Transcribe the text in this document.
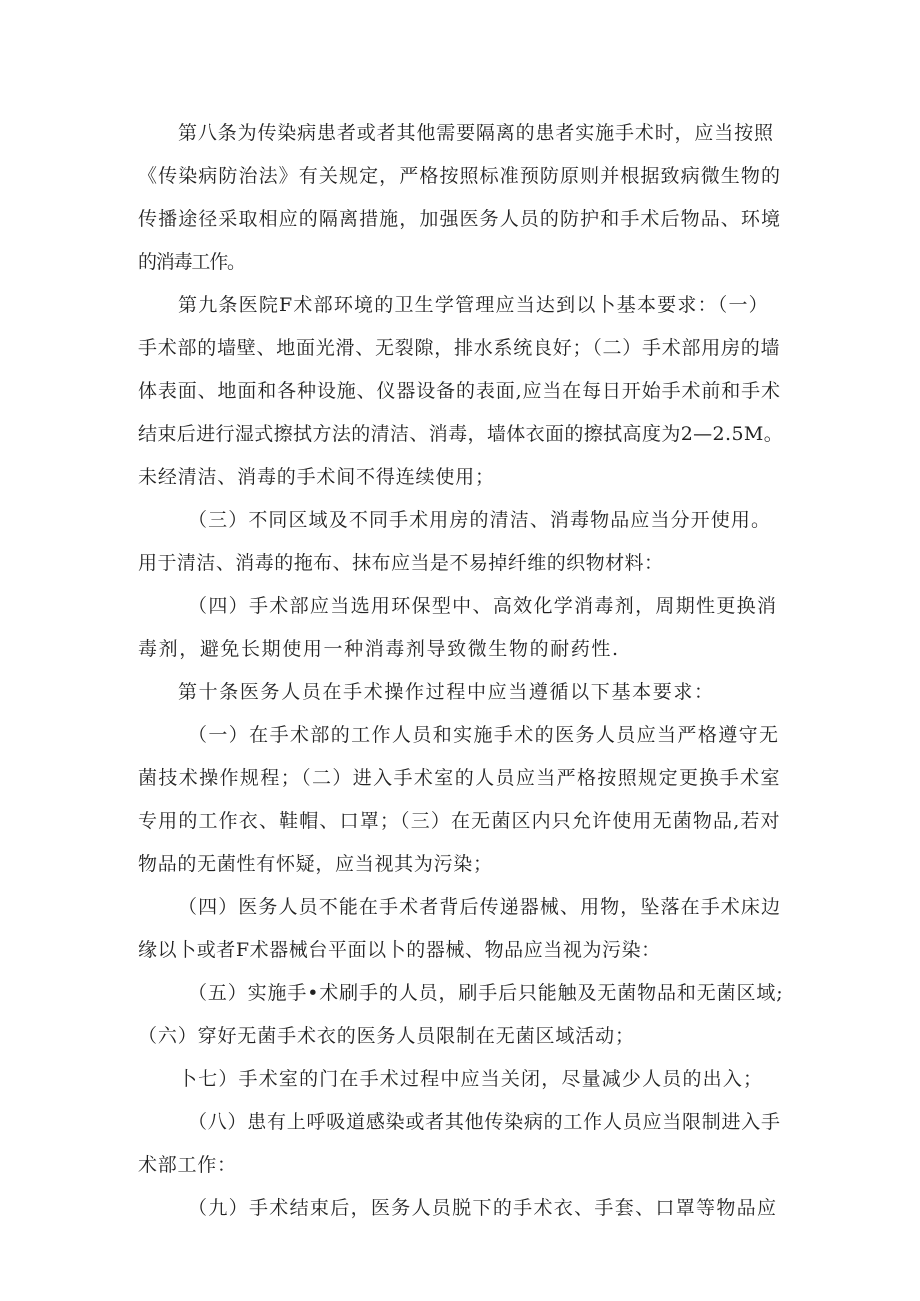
第八条为传染病患者或者其他需要隔离的患者实施手术时，应当按照
《传染病防治法》有关规定，严格按照标准预防原则并根据致病微生物的
传播途径采取相应的隔离措施，加强医务人员的防护和手术后物品、环境
的消毒工作。
第九条医院F术部环境的卫生学管理应当达到以卜基本要求：（一）
手术部的墙壁、地面光滑、无裂隙，排水系统良好；（二）手术部用房的墙
体表面、地面和各种设施、仪器设备的表面,应当在每日开始手术前和手术
结束后进行湿式擦拭方法的清洁、消毒，墙体衣面的擦拭高度为2—2.5M。
未经清洁、消毒的手术间不得连续使用；
（三）不同区域及不同手术用房的清洁、消毒物品应当分开使用。
用于清洁、消毒的拖布、抹布应当是不易掉纤维的织物材料：
（四）手术部应当选用环保型中、高效化学消毒剂，周期性更换消
毒剂，避免长期使用一种消毒剂导致微生物的耐药性.
第十条医务人员在手术操作过程中应当遵循以下基本要求：
（一）在手术部的工作人员和实施手术的医务人员应当严格遵守无
菌技术操作规程；（二）进入手术室的人员应当严格按照规定更换手术室
专用的工作衣、鞋帽、口罩；（三）在无菌区内只允许使用无菌物品,若对
物品的无菌性有怀疑，应当视其为污染；
（四）医务人员不能在手术者背后传递器械、用物，坠落在手术床边
缘以卜或者F术器械台平面以卜的器械、物品应当视为污染：
（五）实施手•术刷手的人员，刷手后只能触及无菌物品和无菌区域;
（六）穿好无菌手术衣的医务人员限制在无菌区域活动；
卜七）手术室的门在手术过程中应当关闭，尽量减少人员的出入；
（八）患有上呼吸道感染或者其他传染病的工作人员应当限制进入手
术部工作：
（九）手术结束后，医务人员脱下的手术衣、手套、口罩等物品应
